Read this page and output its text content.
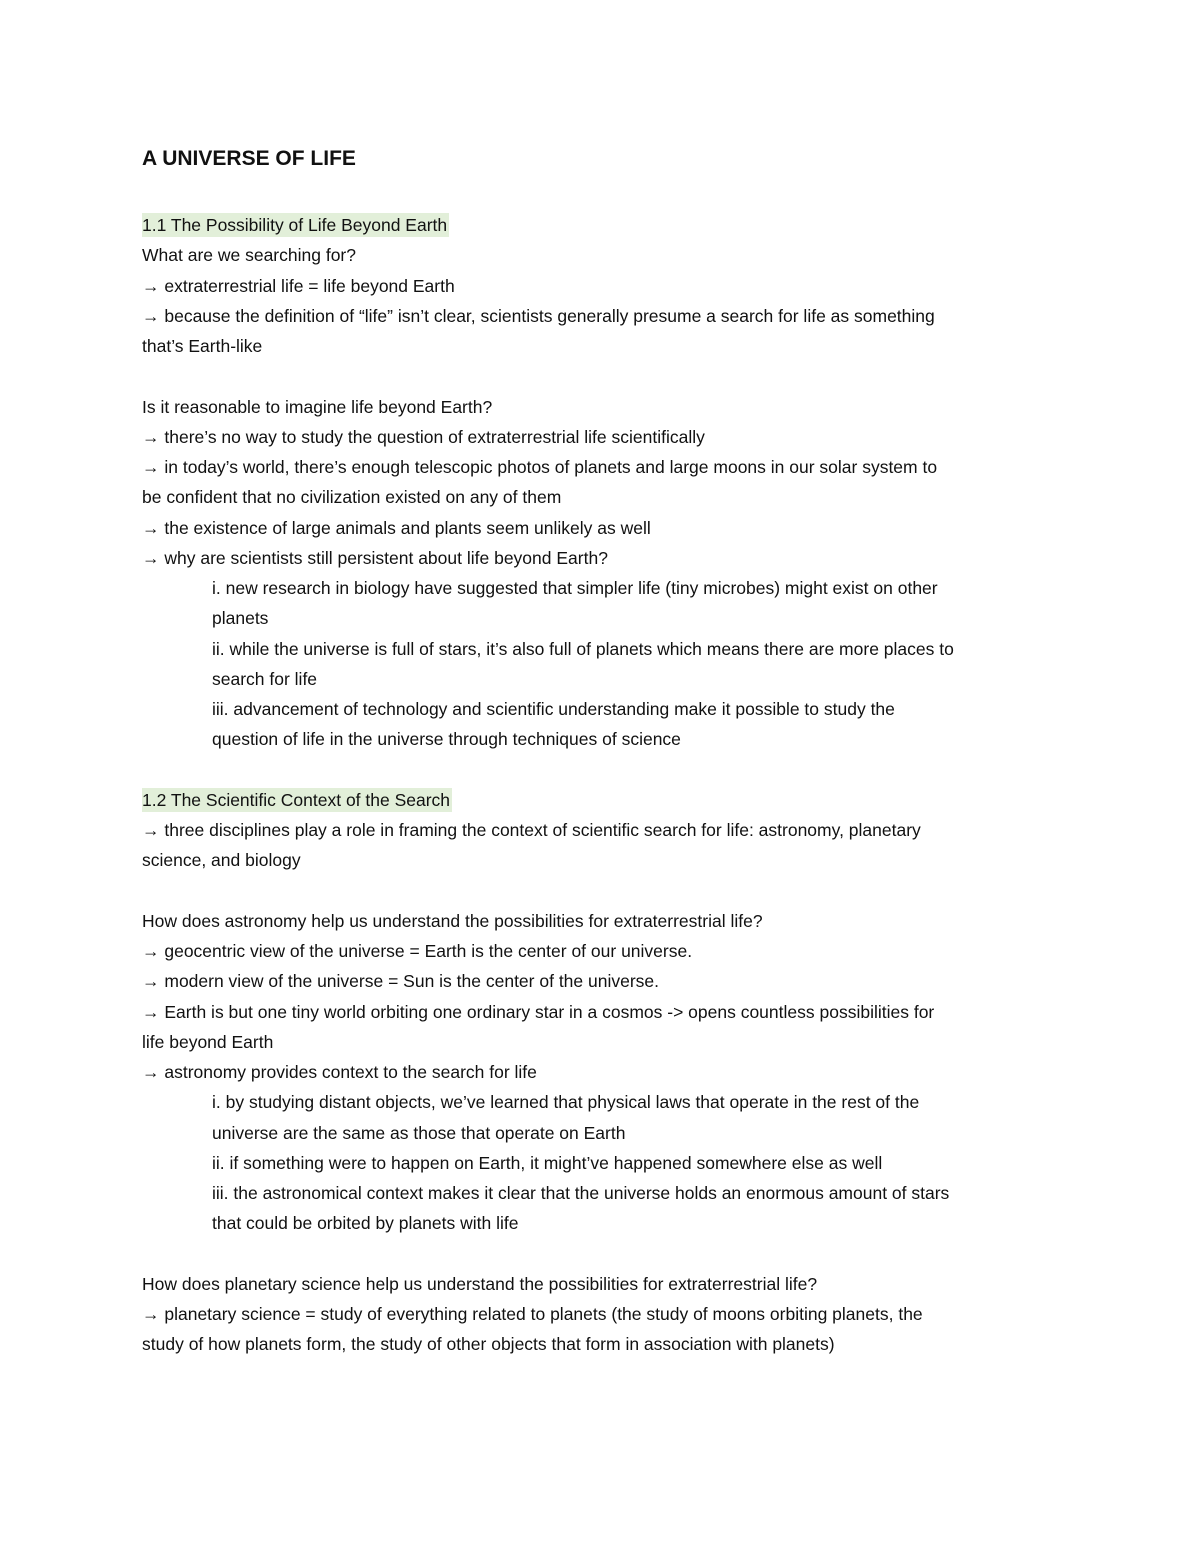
A UNIVERSE OF LIFE
1.1 The Possibility of Life Beyond Earth
What are we searching for?
→ extraterrestrial life = life beyond Earth
→ because the definition of “life” isn’t clear, scientists generally presume a search for life as something
that’s Earth-like
Is it reasonable to imagine life beyond Earth?
→ there’s no way to study the question of extraterrestrial life scientifically
→ in today’s world, there’s enough telescopic photos of planets and large moons in our solar system to
be confident that no civilization existed on any of them
→ the existence of large animals and plants seem unlikely as well
→ why are scientists still persistent about life beyond Earth?
i. new research in biology have suggested that simpler life (tiny microbes) might exist on other
planets
ii. while the universe is full of stars, it’s also full of planets which means there are more places to
search for life
iii. advancement of technology and scientific understanding make it possible to study the
question of life in the universe through techniques of science
1.2 The Scientific Context of the Search
→ three disciplines play a role in framing the context of scientific search for life: astronomy, planetary
science, and biology
How does astronomy help us understand the possibilities for extraterrestrial life?
→ geocentric view of the universe = Earth is the center of our universe.
→ modern view of the universe = Sun is the center of the universe.
→ Earth is but one tiny world orbiting one ordinary star in a cosmos -> opens countless possibilities for
life beyond Earth
→ astronomy provides context to the search for life
i. by studying distant objects, we’ve learned that physical laws that operate in the rest of the
universe are the same as those that operate on Earth
ii. if something were to happen on Earth, it might’ve happened somewhere else as well
iii. the astronomical context makes it clear that the universe holds an enormous amount of stars
that could be orbited by planets with life
How does planetary science help us understand the possibilities for extraterrestrial life?
→ planetary science = study of everything related to planets (the study of moons orbiting planets, the
study of how planets form, the study of other objects that form in association with planets)
